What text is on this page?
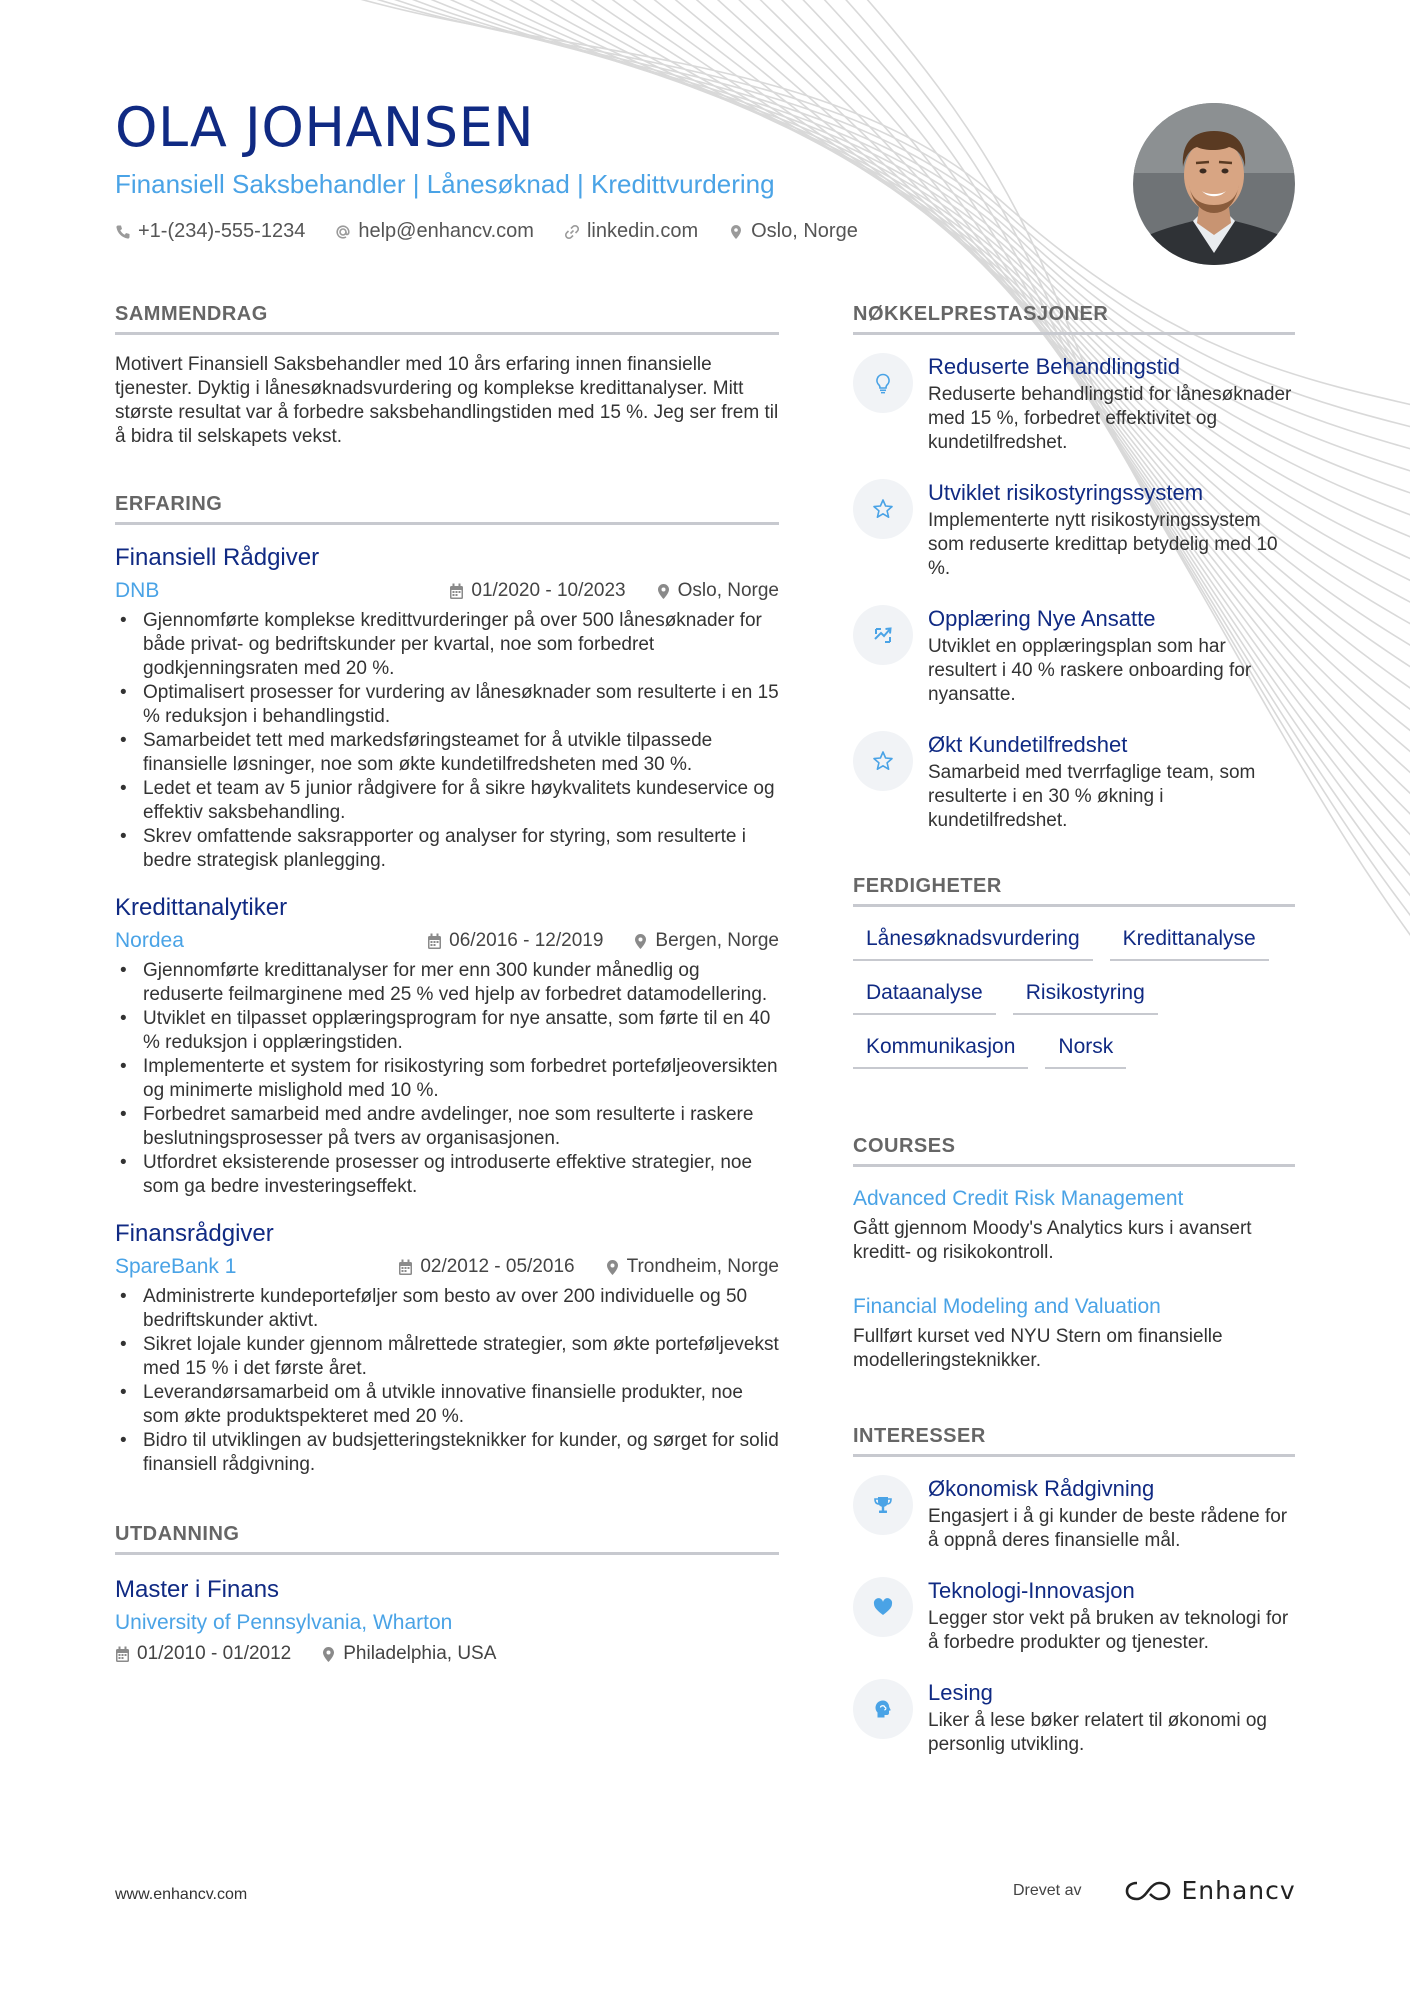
OLA JOHANSEN
Finansiell Saksbehandler | Lånesøknad | Kredittvurdering
+1-(234)-555-1234	help@enhancv.com	linkedin.com	Oslo, Norge
SAMMENDRAG

Motivert Finansiell Saksbehandler med 10 års erfaring innen finansielle tjenester. Dyktig i lånesøknadsvurdering og komplekse kredittanalyser. Mitt største resultat var å forbedre saksbehandlingstiden med 15 %. Jeg ser frem til å bidra til selskapets vekst.

ERFARING
Finansiell Rådgiver
DNB	01/2020 - 10/2023	Oslo, Norge
• Gjennomførte komplekse kredittvurderinger på over 500 lånesøknader for både privat- og bedriftskunder per kvartal, noe som forbedret godkjenningsraten med 20 %.
• Optimalisert prosesser for vurdering av lånesøknader som resulterte i en 15 % reduksjon i behandlingstid.
• Samarbeidet tett med markedsføringsteamet for å utvikle tilpassede finansielle løsninger, noe som økte kundetilfredsheten med 30 %.
• Ledet et team av 5 junior rådgivere for å sikre høykvalitets kundeservice og effektiv saksbehandling.
• Skrev omfattende saksrapporter og analyser for styring, som resulterte i bedre strategisk planlegging.
Kredittanalytiker
Nordea	06/2016 - 12/2019	Bergen, Norge
• Gjennomførte kredittanalyser for mer enn 300 kunder månedlig og reduserte feilmarginene med 25 % ved hjelp av forbedret datamodellering.
• Utviklet en tilpasset opplæringsprogram for nye ansatte, som førte til en 40 % reduksjon i opplæringstiden.
• Implementerte et system for risikostyring som forbedret porteføljeoversikten og minimerte mislighold med 10 %.
• Forbedret samarbeid med andre avdelinger, noe som resulterte i raskere beslutningsprosesser på tvers av organisasjonen.
• Utfordret eksisterende prosesser og introduserte effektive strategier, noe som ga bedre investeringseffekt.
Finansrådgiver
SpareBank 1	02/2012 - 05/2016	Trondheim, Norge
• Administrerte kundeporteføljer som besto av over 200 individuelle og 50 bedriftskunder aktivt.
• Sikret lojale kunder gjennom målrettede strategier, som økte porteføljevekst med 15 % i det første året.
• Leverandørsamarbeid om å utvikle innovative finansielle produkter, noe som økte produktspekteret med 20 %.
• Bidro til utviklingen av budsjetteringsteknikker for kunder, og sørget for solid finansiell rådgivning.
UTDANNING
Master i Finans
University of Pennsylvania, Wharton
01/2010 - 01/2012	Philadelphia, USA
NØKKELPRESTASJONER
Reduserte Behandlingstid
Reduserte behandlingstid for lånesøknader med 15 %, forbedret effektivitet og kundetilfredshet.
Utviklet risikostyringssystem
Implementerte nytt risikostyringssystem som reduserte kredittap betydelig med 10 %.
Opplæring Nye Ansatte
Utviklet en opplæringsplan som har resultert i 40 % raskere onboarding for nyansatte.
Økt Kundetilfredshet
Samarbeid med tverrfaglige team, som resulterte i en 30 % økning i kundetilfredshet.
FERDIGHETER
Lånesøknadsvurdering	Kredittanalyse
Dataanalyse	Risikostyring
Kommunikasjon	Norsk
COURSES
Advanced Credit Risk Management
Gått gjennom Moody's Analytics kurs i avansert kreditt- og risikokontroll.
Financial Modeling and Valuation
Fullført kurset ved NYU Stern om finansielle modelleringsteknikker.
INTERESSER
Økonomisk Rådgivning
Engasjert i å gi kunder de beste rådene for å oppnå deres finansielle mål.
Teknologi-Innovasjon
Legger stor vekt på bruken av teknologi for å forbedre produkter og tjenester.
Lesing
Liker å lese bøker relatert til økonomi og personlig utvikling.
www.enhancv.com	Drevet av	Enhancv
